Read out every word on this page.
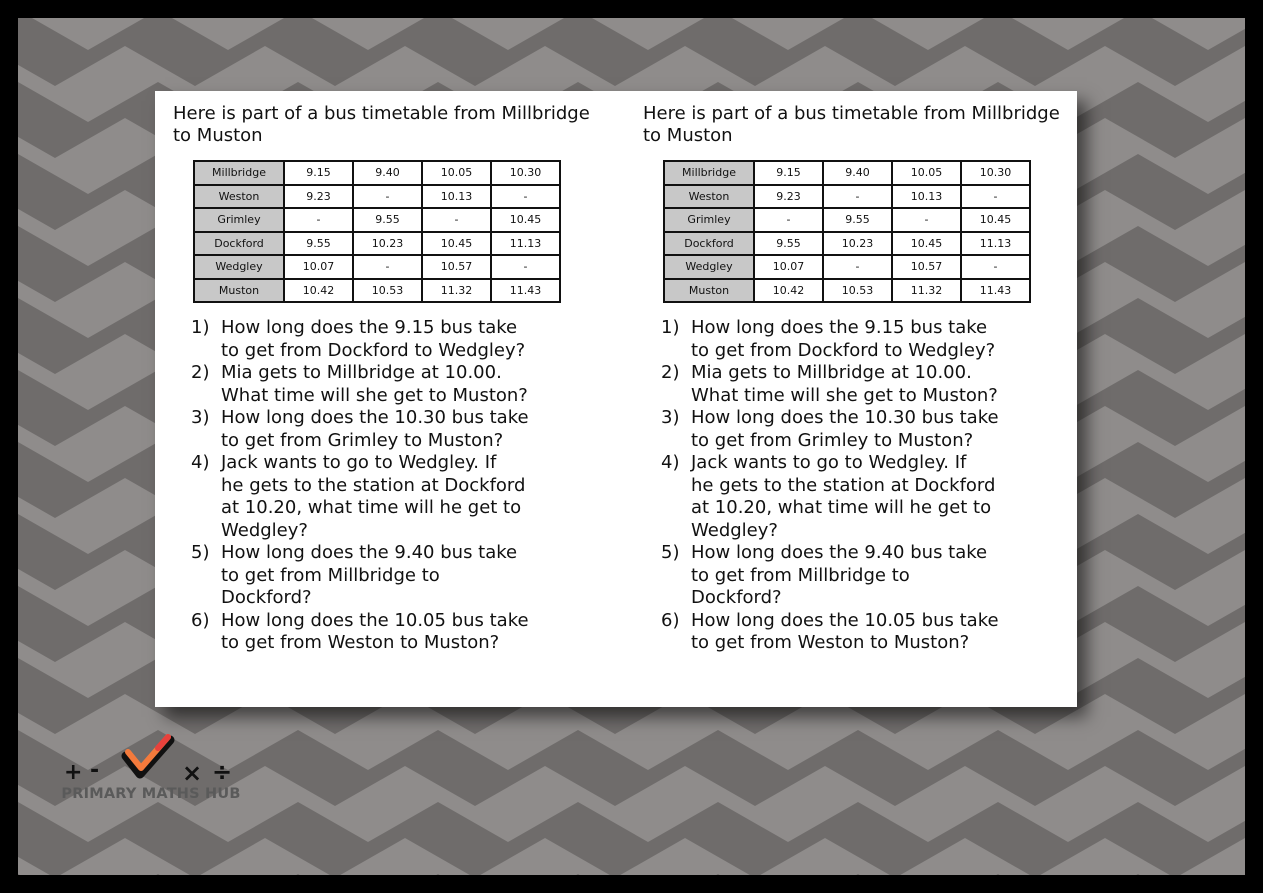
Here is part of a bus timetable from Millbridge to Muston

Millbridge	9.15	9.40	10.05	10.30
Weston	9.23	-	10.13	-
Grimley	-	9.55	-	10.45
Dockford	9.55	10.23	10.45	11.13
Wedgley	10.07	-	10.57	-
Muston	10.42	10.53	11.32	11.43
1) How long does the 9.15 bus take
to get from Dockford to Wedgley?
2) Mia gets to Millbridge at 10.00.
What time will she get to Muston?
3) How long does the 10.30 bus take
to get from Grimley to Muston?
4) Jack wants to go to Wedgley. If
he gets to the station at Dockford
at 10.20, what time will he get to
Wedgley?
5) How long does the 9.40 bus take
to get from Millbridge to
Dockford?
6) How long does the 10.05 bus take
to get from Weston to Muston?

Here is part of a bus timetable from Millbridge to Muston

Millbridge	9.15	9.40	10.05	10.30
Weston	9.23	-	10.13	-
Grimley	-	9.55	-	10.45
Dockford	9.55	10.23	10.45	11.13
Wedgley	10.07	-	10.57	-
Muston	10.42	10.53	11.32	11.43
1) How long does the 9.15 bus take
to get from Dockford to Wedgley?
2) Mia gets to Millbridge at 10.00.
What time will she get to Muston?
3) How long does the 10.30 bus take
to get from Grimley to Muston?
4) Jack wants to go to Wedgley. If
he gets to the station at Dockford
at 10.20, what time will he get to
Wedgley?
5) How long does the 9.40 bus take
to get from Millbridge to
Dockford?
6) How long does the 10.05 bus take
to get from Weston to Muston?
+ -	× ÷
PRIMARY MATHS HUB
